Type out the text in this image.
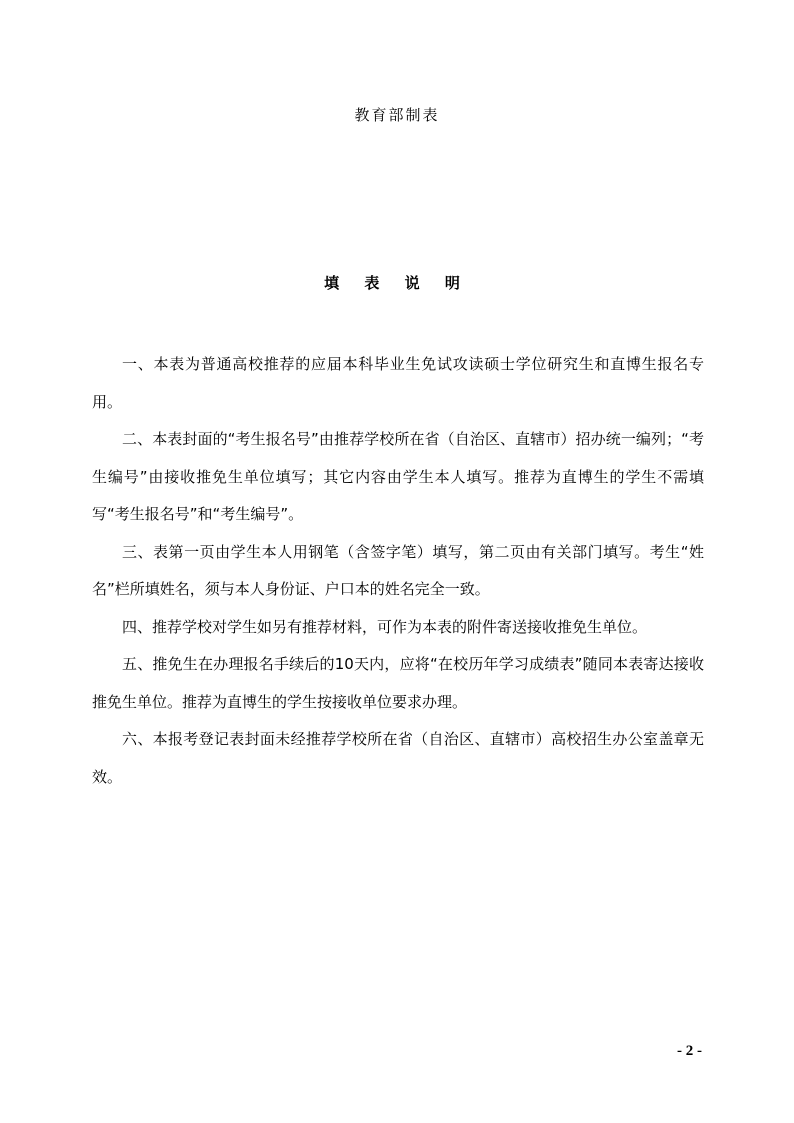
教育部制表
填 表 说 明

一、本表为普通高校推荐的应届本科毕业生免试攻读硕士学位研究生和直博生报名专用。

二、本表封面的“考生报名号”由推荐学校所在省（自治区、直辖市）招办统一编列；“考生编号”由接收推免生单位填写；其它内容由学生本人填写。推荐为直博生的学生不需填写“考生报名号”和“考生编号”。

三、表第一页由学生本人用钢笔（含签字笔）填写，第二页由有关部门填写。考生“姓名”栏所填姓名，须与本人身份证、户口本的姓名完全一致。

四、推荐学校对学生如另有推荐材料，可作为本表的附件寄送接收推免生单位。

五、推免生在办理报名手续后的10天内，应将“在校历年学习成绩表”随同本表寄达接收推免生单位。推荐为直博生的学生按接收单位要求办理。

六、本报考登记表封面未经推荐学校所在省（自治区、直辖市）高校招生办公室盖章无效。

- 2 -
